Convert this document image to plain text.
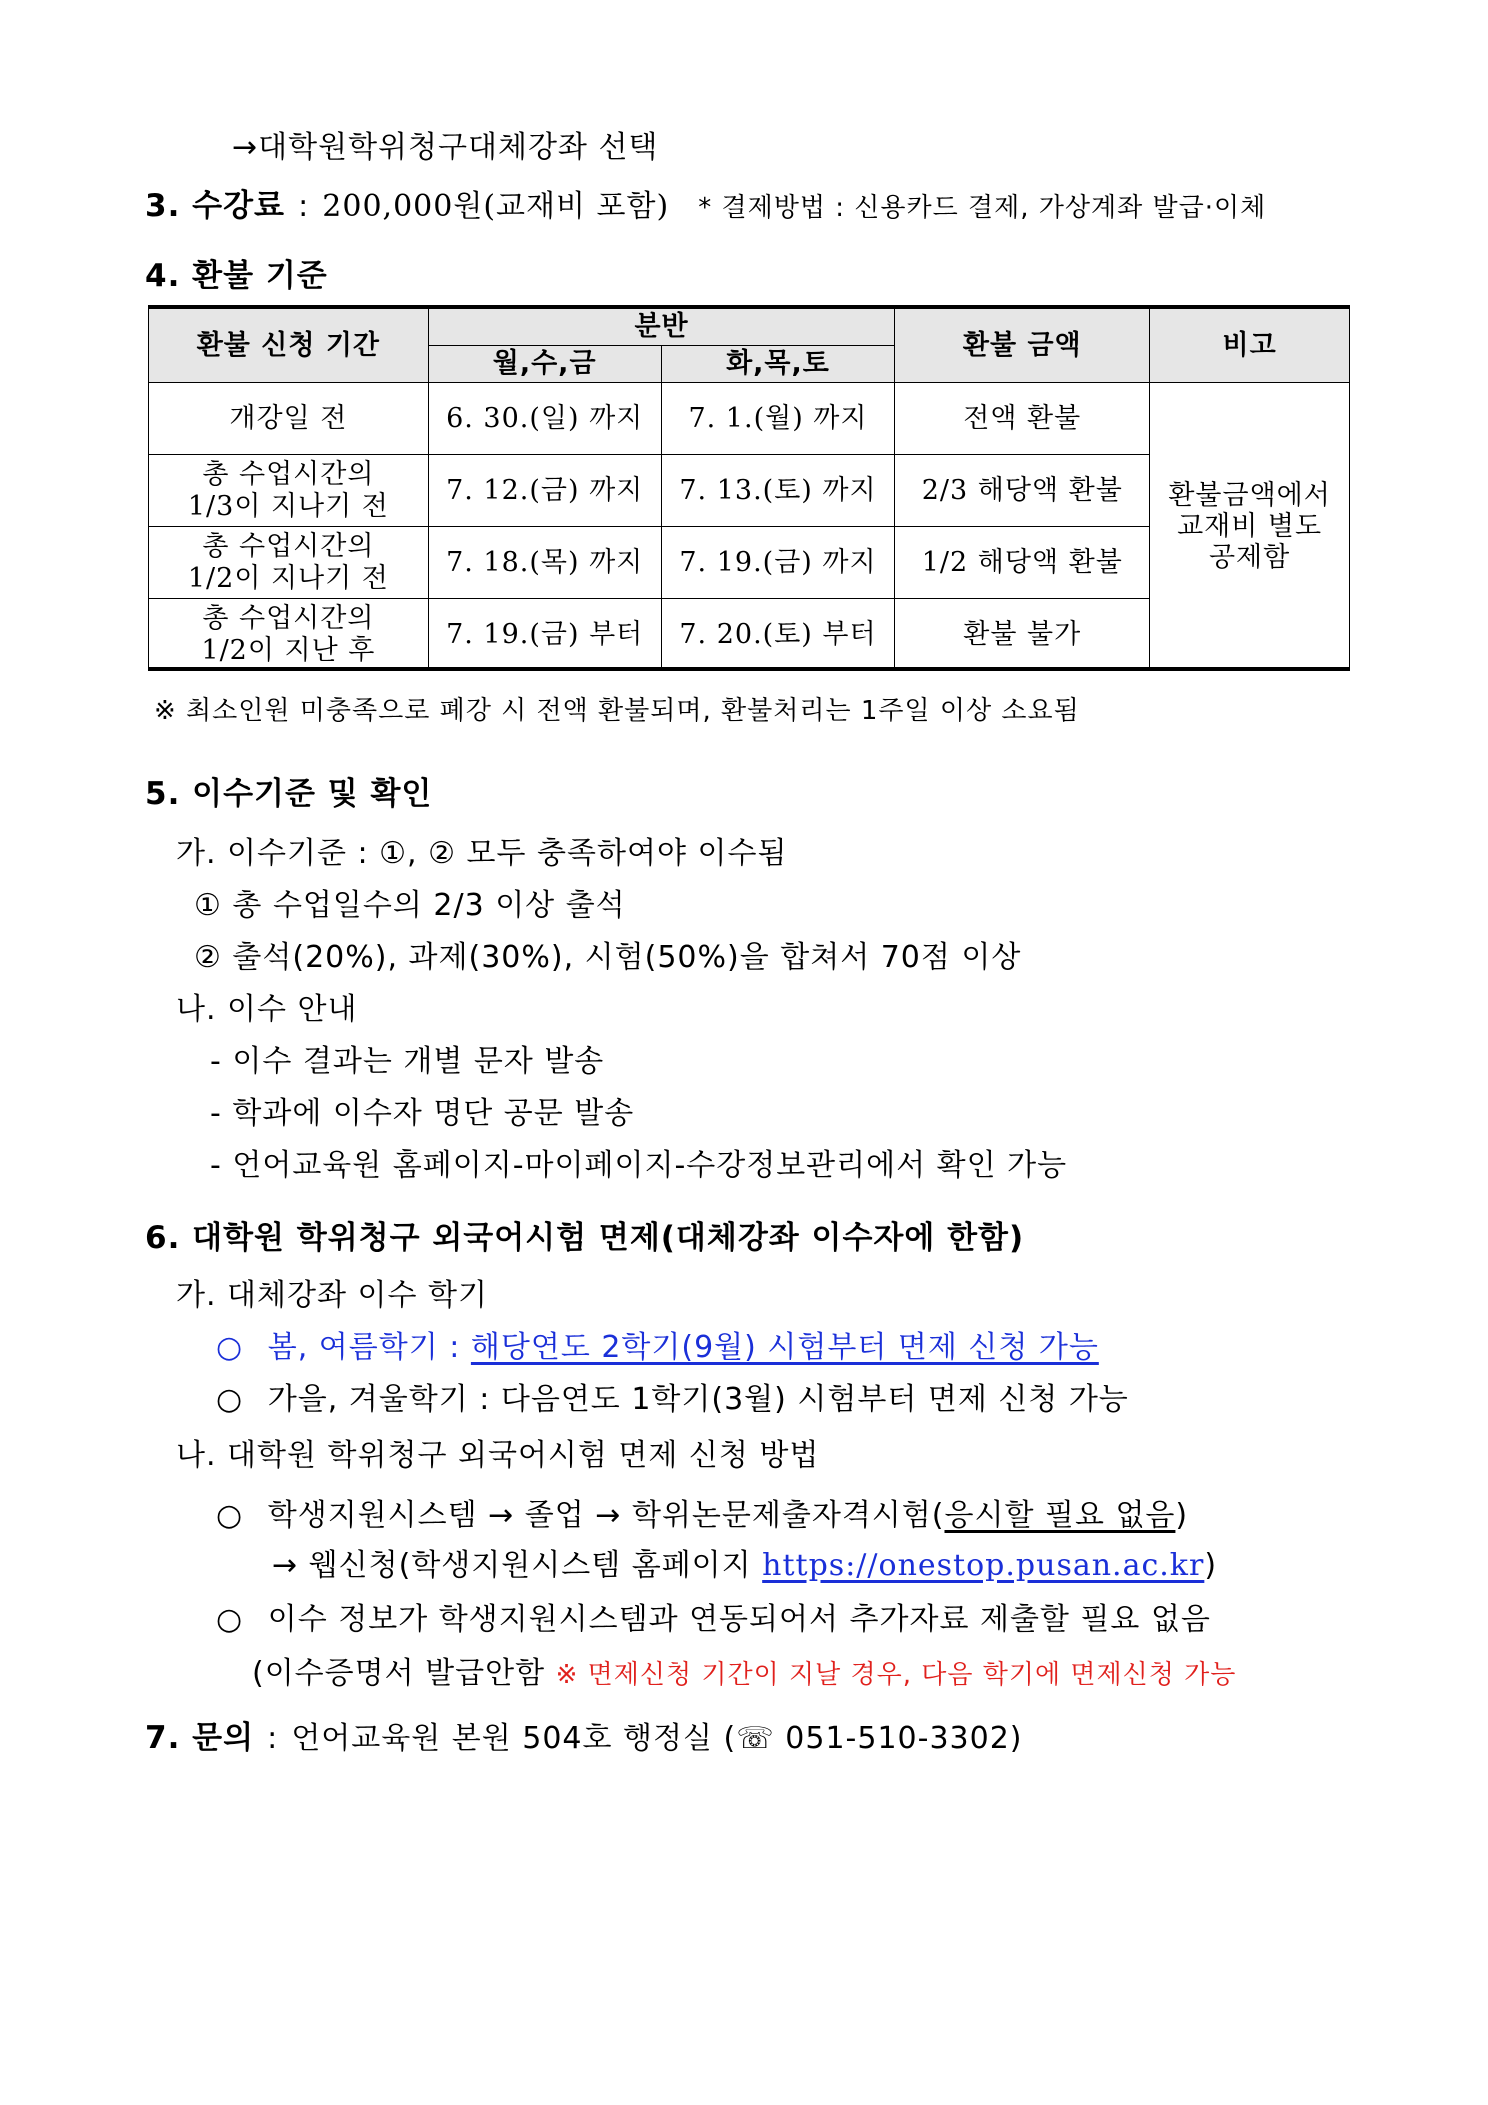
→대학원학위청구대체강좌 선택
3. 수강료 : 200,000원(교재비 포함) * 결제방법 : 신용카드 결제, 가상계좌 발급·이체
4. 환불 기준
환불 신청 기간	분반		환불 금액	비고
	월,수,금	화,목,토		
개강일 전	6. 30.(일) 까지	7. 1.(월) 까지	전액 환불	환불금액에서
교재비 별도
공제함

총 수업시간의
1/3이 지나기 전	7. 12.(금) 까지	7. 13.(토) 까지	2/3 해당액 환불	

총 수업시간의
1/2이 지나기 전	7. 18.(목) 까지	7. 19.(금) 까지	1/2 해당액 환불	

총 수업시간의
1/2이 지난 후	7. 19.(금) 부터	7. 20.(토) 부터	환불 불가	
※ 최소인원 미충족으로 폐강 시 전액 환불되며, 환불처리는 1주일 이상 소요됨
5. 이수기준 및 확인
가. 이수기준 : ①, ② 모두 충족하여야 이수됨
① 총 수업일수의 2/3 이상 출석
② 출석(20%), 과제(30%), 시험(50%)을 합쳐서 70점 이상
나. 이수 안내
- 이수 결과는 개별 문자 발송
- 학과에 이수자 명단 공문 발송
- 언어교육원 홈페이지-마이페이지-수강정보관리에서 확인 가능
6. 대학원 학위청구 외국어시험 면제(대체강좌 이수자에 한함)
가. 대체강좌 이수 학기
○ 봄, 여름학기 : 해당연도 2학기(9월) 시험부터 면제 신청 가능
○ 가을, 겨울학기 : 다음연도 1학기(3월) 시험부터 면제 신청 가능
나. 대학원 학위청구 외국어시험 면제 신청 방법
○ 학생지원시스템 → 졸업 → 학위논문제출자격시험(응시할 필요 없음)
→ 웹신청(학생지원시스템 홈페이지 https://onestop.pusan.ac.kr)
○ 이수 정보가 학생지원시스템과 연동되어서 추가자료 제출할 필요 없음
(이수증명서 발급안함 ※ 면제신청 기간이 지날 경우, 다음 학기에 면제신청 가능
7. 문의 : 언어교육원 본원 504호 행정실 (☏ 051-510-3302)
